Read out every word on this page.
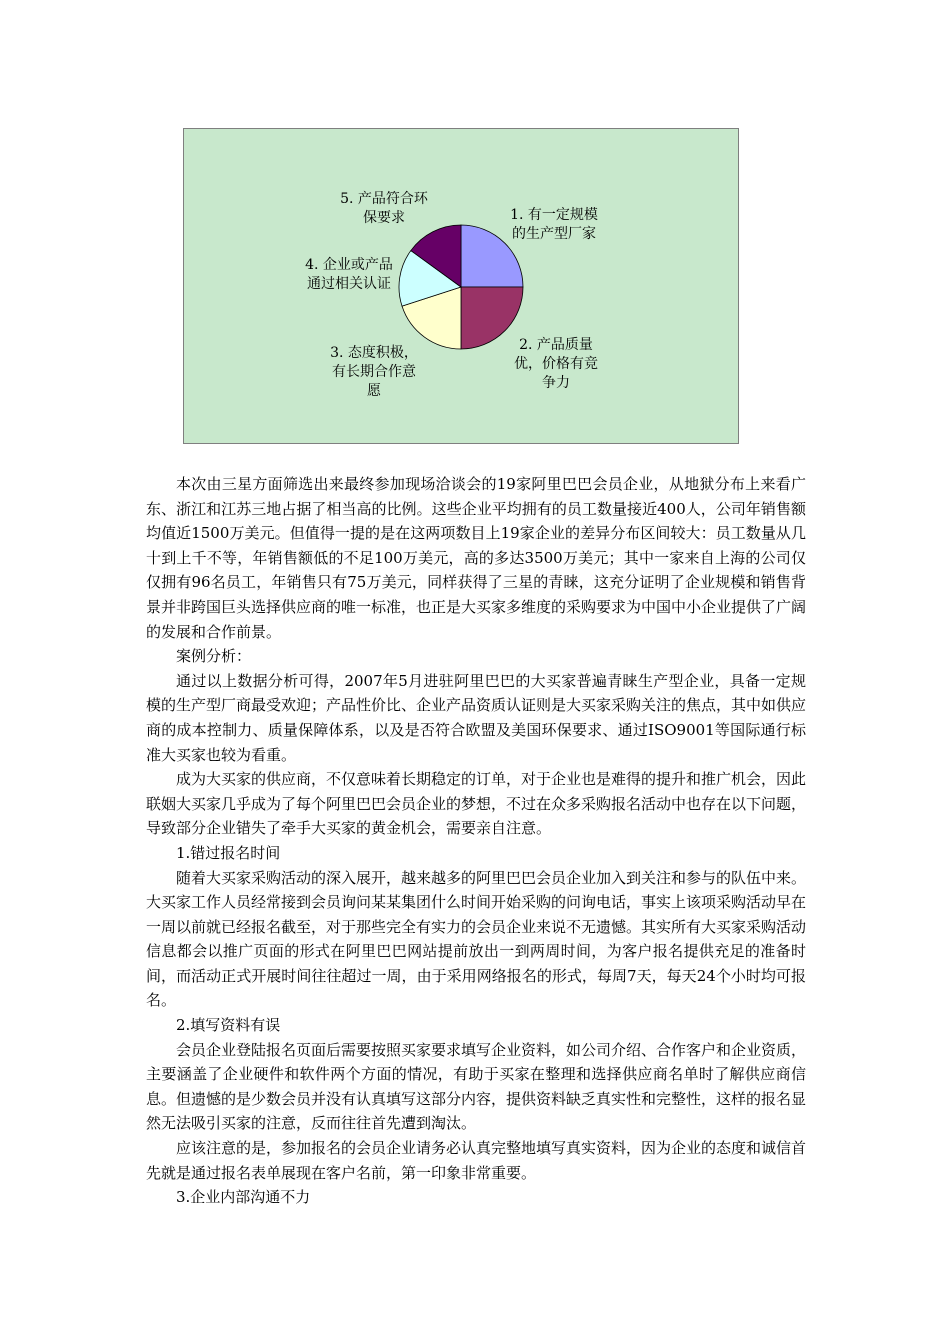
1. 有一定规模的生产型厂家
2. 产品质量优，价格有竞争力
3. 态度积极，有长期合作意愿
4. 企业或产品通过相关认证
5. 产品符合环保要求

本次由三星方面筛选出来最终参加现场洽谈会的19家阿里巴巴会员企业，从地狱分布上来看广东、浙江和江苏三地占据了相当高的比例。这些企业平均拥有的员工数量接近400人，公司年销售额均值近1500万美元。但值得一提的是在这两项数目上19家企业的差异分布区间较大：员工数量从几十到上千不等，年销售额低的不足100万美元，高的多达3500万美元；其中一家来自上海的公司仅仅拥有96名员工，年销售只有75万美元，同样获得了三星的青睐，这充分证明了企业规模和销售背景并非跨国巨头选择供应商的唯一标准，也正是大买家多维度的采购要求为中国中小企业提供了广阔的发展和合作前景。

案例分析：

通过以上数据分析可得，2007年5月进驻阿里巴巴的大买家普遍青睐生产型企业，具备一定规模的生产型厂商最受欢迎；产品性价比、企业产品资质认证则是大买家采购关注的焦点，其中如供应商的成本控制力、质量保障体系，以及是否符合欧盟及美国环保要求、通过ISO9001等国际通行标准大买家也较为看重。

成为大买家的供应商，不仅意味着长期稳定的订单，对于企业也是难得的提升和推广机会，因此联姻大买家几乎成为了每个阿里巴巴会员企业的梦想，不过在众多采购报名活动中也存在以下问题，导致部分企业错失了牵手大买家的黄金机会，需要亲自注意。

1.错过报名时间

随着大买家采购活动的深入展开，越来越多的阿里巴巴会员企业加入到关注和参与的队伍中来。大买家工作人员经常接到会员询问某某集团什么时间开始采购的问询电话，事实上该项采购活动早在一周以前就已经报名截至，对于那些完全有实力的会员企业来说不无遗憾。其实所有大买家采购活动信息都会以推广页面的形式在阿里巴巴网站提前放出一到两周时间，为客户报名提供充足的准备时间，而活动正式开展时间往往超过一周，由于采用网络报名的形式，每周7天，每天24个小时均可报名。

2.填写资料有误

会员企业登陆报名页面后需要按照买家要求填写企业资料，如公司介绍、合作客户和企业资质，主要涵盖了企业硬件和软件两个方面的情况，有助于买家在整理和选择供应商名单时了解供应商信息。但遗憾的是少数会员并没有认真填写这部分内容，提供资料缺乏真实性和完整性，这样的报名显然无法吸引买家的注意，反而往往首先遭到淘汰。

应该注意的是，参加报名的会员企业请务必认真完整地填写真实资料，因为企业的态度和诚信首先就是通过报名表单展现在客户名前，第一印象非常重要。

3.企业内部沟通不力
